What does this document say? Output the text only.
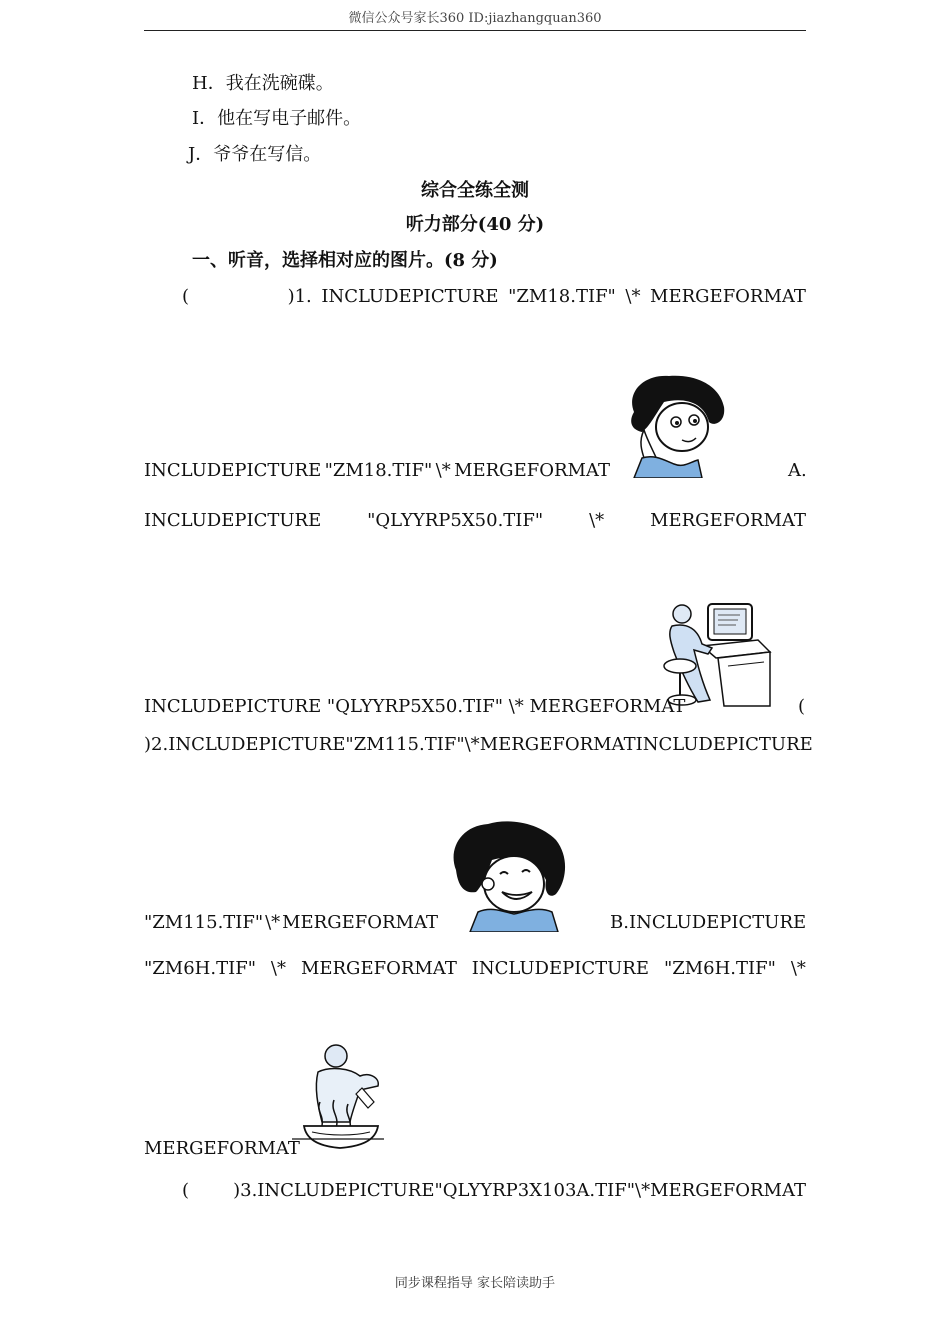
微信公众号家长360 ID:jiazhangquan360
H．我在洗碗碟。
I．他在写电子邮件。
J．爷爷在写信。
综合全练全测
听力部分(40 分)
一、听音，选择相对应的图片。(8 分)
(	)1. INCLUDEPICTURE "ZM18.TIF" \* MERGEFORMAT
INCLUDEPICTURE "ZM18.TIF" \* MERGEFORMAT	A.
INCLUDEPICTURE	"QLYYRP5X50.TIF"	\*	MERGEFORMAT
INCLUDEPICTURE "QLYYRP5X50.TIF" \* MERGEFORMAT	(
)2. INCLUDEPICTURE "ZM115.TIF" \* MERGEFORMAT INCLUDEPICTURE
"ZM115.TIF" \* MERGEFORMAT	B. INCLUDEPICTURE
"ZM6H.TIF" \* MERGEFORMAT INCLUDEPICTURE "ZM6H.TIF" \*
MERGEFORMAT
(	)3. INCLUDEPICTURE "QLYYRP3X103A.TIF" \* MERGEFORMAT
同步课程指导 家长陪读助手
